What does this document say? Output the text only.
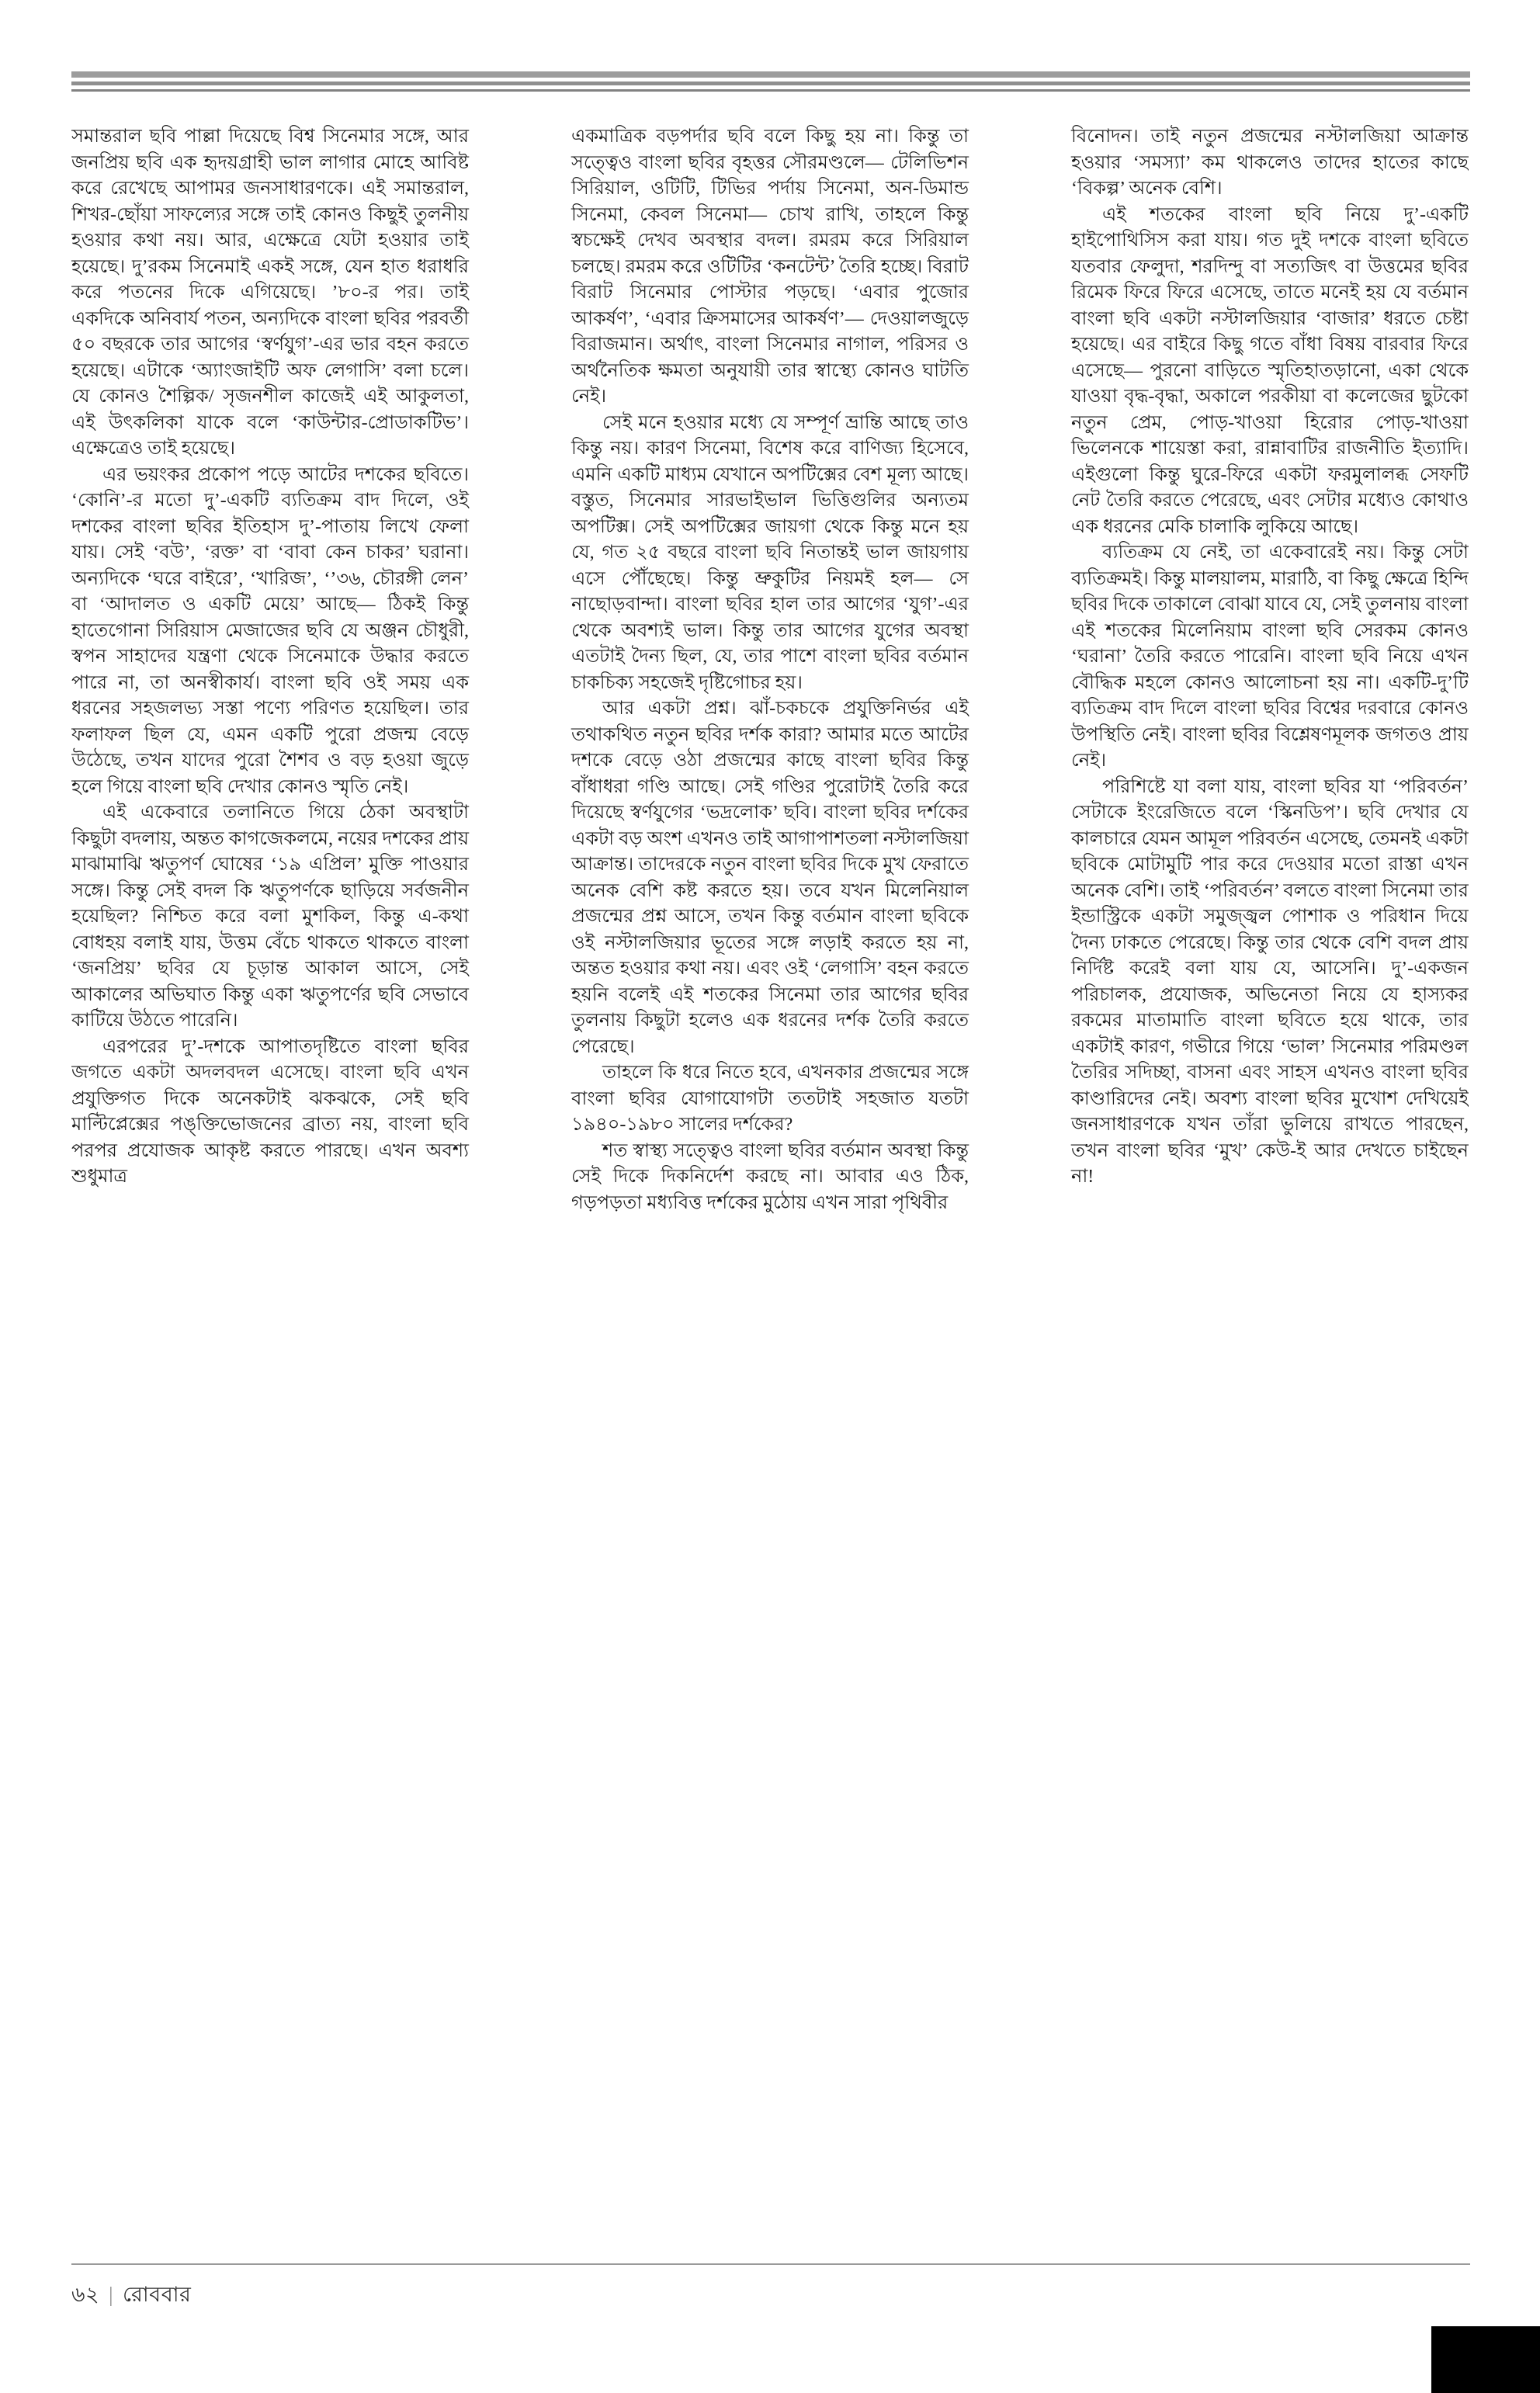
সমান্তরাল ছবি পাল্লা দিয়েছে বিশ্ব সিনেমার সঙ্গে, আর জনপ্রিয় ছবি এক হৃদয়গ্রাহী ভাল লাগার মোহে আবিষ্ট করে রেখেছে আপামর জনসাধারণকে। এই সমান্তরাল, শিখর-ছোঁয়া সাফল্যের সঙ্গে তাই কোনও কিছুই তুলনীয় হওয়ার কথা নয়। আর, এক্ষেত্রে যেটা হওয়ার তাই হয়েছে। দু’রকম সিনেমাই একই সঙ্গে, যেন হাত ধরাধরি করে পতনের দিকে এগিয়েছে। ’৮০-র পর। তাই একদিকে অনিবার্য পতন, অন্যদিকে বাংলা ছবির পরবর্তী ৫০ বছরকে তার আগের ‘স্বর্ণযুগ’-এর ভার বহন করতে হয়েছে। এটাকে ‘অ্যাংজাইটি অফ লেগাসি’ বলা চলে। যে কোনও শৈল্পিক/ সৃজনশীল কাজেই এই আকুলতা, এই উৎকলিকা যাকে বলে ‘কাউন্টার-প্রোডাকটিভ’। এক্ষেত্রেও তাই হয়েছে।

এর ভয়ংকর প্রকোপ পড়ে আটের দশকের ছবিতে। ‘কোনি’-র মতো দু’-একটি ব্যতিক্রম বাদ দিলে, ওই দশকের বাংলা ছবির ইতিহাস দু’-পাতায় লিখে ফেলা যায়। সেই ‘বউ’, ‘রক্ত’ বা ‘বাবা কেন চাকর’ ঘরানা। অন্যদিকে ‘ঘরে বাইরে’, ‘খারিজ’, ‘’৩৬, চৌরঙ্গী লেন’ বা ‘আদালত ও একটি মেয়ে’ আছে— ঠিকই কিন্তু হাতেগোনা সিরিয়াস মেজাজের ছবি যে অঞ্জন চৌধুরী, স্বপন সাহাদের যন্ত্রণা থেকে সিনেমাকে উদ্ধার করতে পারে না, তা অনস্বীকার্য। বাংলা ছবি ওই সময় এক ধরনের সহজলভ্য সস্তা পণ্যে পরিণত হয়েছিল। তার ফলাফল ছিল যে, এমন একটি পুরো প্রজন্ম বেড়ে উঠেছে, তখন যাদের পুরো শৈশব ও বড় হওয়া জুড়ে হলে গিয়ে বাংলা ছবি দেখার কোনও স্মৃতি নেই।

এই একেবারে তলানিতে গিয়ে ঠেকা অবস্থাটা কিছুটা বদলায়, অন্তত কাগজেকলমে, নয়ের দশকের প্রায় মাঝামাঝি ঋতুপর্ণ ঘোষের ‘১৯ এপ্রিল’ মুক্তি পাওয়ার সঙ্গে। কিন্তু সেই বদল কি ঋতুপর্ণকে ছাড়িয়ে সর্বজনীন হয়েছিল? নিশ্চিত করে বলা মুশকিল, কিন্তু এ-কথা বোধহয় বলাই যায়, উত্তম বেঁচে থাকতে থাকতে বাংলা ‘জনপ্রিয়’ ছবির যে চূড়ান্ত আকাল আসে, সেই আকালের অভিঘাত কিন্তু একা ঋতুপর্ণের ছবি সেভাবে কাটিয়ে উঠতে পারেনি।

এরপরের দু’-দশকে আপাতদৃষ্টিতে বাংলা ছবির জগতে একটা অদলবদল এসেছে। বাংলা ছবি এখন প্রযুক্তিগত দিকে অনেকটাই ঝকঝকে, সেই ছবি মাল্টিপ্লেক্সের পঙ্‌ক্তিভোজনের ব্রাত্য নয়, বাংলা ছবি পরপর প্রযোজক আকৃষ্ট করতে পারছে। এখন অবশ্য শুধুমাত্র

একমাত্রিক বড়পর্দার ছবি বলে কিছু হয় না। কিন্তু তা সত্ত্বেও বাংলা ছবির বৃহত্তর সৌরমণ্ডলে— টেলিভিশন সিরিয়াল, ওটিটি, টিভির পর্দায় সিনেমা, অন-ডিমান্ড সিনেমা, কেবল সিনেমা— চোখ রাখি, তাহলে কিন্তু স্বচক্ষেই দেখব অবস্থার বদল। রমরম করে সিরিয়াল চলছে। রমরম করে ওটিটির ‘কনটেন্ট’ তৈরি হচ্ছে। বিরাট বিরাট সিনেমার পোস্টার পড়ছে। ‘এবার পুজোর আকর্ষণ’, ‘এবার ক্রিসমাসের আকর্ষণ’— দেওয়ালজুড়ে বিরাজমান। অর্থাৎ, বাংলা সিনেমার নাগাল, পরিসর ও অর্থনৈতিক ক্ষমতা অনুযায়ী তার স্বাস্থ্যে কোনও ঘাটতি নেই।

সেই মনে হওয়ার মধ্যে যে সম্পূর্ণ ভ্রান্তি আছে তাও কিন্তু নয়। কারণ সিনেমা, বিশেষ করে বাণিজ্য হিসেবে, এমনি একটি মাধ্যম যেখানে অপটিক্সের বেশ মূল্য আছে। বস্তুত, সিনেমার সারভাইভাল ভিত্তিগুলির অন্যতম অপটিক্স। সেই অপটিক্সের জায়গা থেকে কিন্তু মনে হয় যে, গত ২৫ বছরে বাংলা ছবি নিতান্তই ভাল জায়গায় এসে পৌঁছেছে। কিন্তু ভ্রুকুটির নিয়মই হল— সে নাছোড়বান্দা। বাংলা ছবির হাল তার আগের ‘যুগ’-এর থেকে অবশ্যই ভাল। কিন্তু তার আগের যুগের অবস্থা এতটাই দৈন্য ছিল, যে, তার পাশে বাংলা ছবির বর্তমান চাকচিক্য সহজেই দৃষ্টিগোচর হয়।

আর একটা প্রশ্ন। ঝাঁ-চকচকে প্রযুক্তিনির্ভর এই তথাকথিত নতুন ছবির দর্শক কারা? আমার মতে আটের দশকে বেড়ে ওঠা প্রজন্মের কাছে বাংলা ছবির কিন্তু বাঁধাধরা গণ্ডি আছে। সেই গণ্ডির পুরোটাই তৈরি করে দিয়েছে স্বর্ণযুগের ‘ভদ্রলোক’ ছবি। বাংলা ছবির দর্শকের একটা বড় অংশ এখনও তাই আগাপাশতলা নস্টালজিয়া আক্রান্ত। তাদেরকে নতুন বাংলা ছবির দিকে মুখ ফেরাতে অনেক বেশি কষ্ট করতে হয়। তবে যখন মিলেনিয়াল প্রজন্মের প্রশ্ন আসে, তখন কিন্তু বর্তমান বাংলা ছবিকে ওই নস্টালজিয়ার ভূতের সঙ্গে লড়াই করতে হয় না, অন্তত হওয়ার কথা নয়। এবং ওই ‘লেগাসি’ বহন করতে হয়নি বলেই এই শতকের সিনেমা তার আগের ছবির তুলনায় কিছুটা হলেও এক ধরনের দর্শক তৈরি করতে পেরেছে।

তাহলে কি ধরে নিতে হবে, এখনকার প্রজন্মের সঙ্গে বাংলা ছবির যোগাযোগটা ততটাই সহজাত যতটা ১৯৪০-১৯৮০ সালের দর্শকের?

শত স্বাস্থ্য সত্ত্বেও বাংলা ছবির বর্তমান অবস্থা কিন্তু সেই দিকে দিকনির্দেশ করছে না। আবার এও ঠিক, গড়পড়তা মধ্যবিত্ত দর্শকের মুঠোয় এখন সারা পৃথিবীর

বিনোদন। তাই নতুন প্রজন্মের নস্টালজিয়া আক্রান্ত হওয়ার ‘সমস্যা’ কম থাকলেও তাদের হাতের কাছে ‘বিকল্প’ অনেক বেশি।

এই শতকের বাংলা ছবি নিয়ে দু’-একটি হাইপোথিসিস করা যায়। গত দুই দশকে বাংলা ছবিতে যতবার ফেলুদা, শরদিন্দু বা সত্যজিৎ বা উত্তমের ছবির রিমেক ফিরে ফিরে এসেছে, তাতে মনেই হয় যে বর্তমান বাংলা ছবি একটা নস্টালজিয়ার ‘বাজার’ ধরতে চেষ্টা হয়েছে। এর বাইরে কিছু গতে বাঁধা বিষয় বারবার ফিরে এসেছে— পুরনো বাড়িতে স্মৃতিহাতড়ানো, একা থেকে যাওয়া বৃদ্ধ-বৃদ্ধা, অকালে পরকীয়া বা কলেজের ছুটকো নতুন প্রেম, পোড়-খাওয়া হিরোর পোড়-খাওয়া ভিলেনকে শায়েস্তা করা, রান্নাবাটির রাজনীতি ইত্যাদি। এইগুলো কিন্তু ঘুরে-ফিরে একটা ফরমুলালব্ধ সেফটি নেট তৈরি করতে পেরেছে, এবং সেটার মধ্যেও কোথাও এক ধরনের মেকি চালাকি লুকিয়ে আছে।

ব্যতিক্রম যে নেই, তা একেবারেই নয়। কিন্তু সেটা ব্যতিক্রমই। কিন্তু মালয়ালম, মারাঠি, বা কিছু ক্ষেত্রে হিন্দি ছবির দিকে তাকালে বোঝা যাবে যে, সেই তুলনায় বাংলা এই শতকের মিলেনিয়াম বাংলা ছবি সেরকম কোনও ‘ঘরানা’ তৈরি করতে পারেনি। বাংলা ছবি নিয়ে এখন বৌদ্ধিক মহলে কোনও আলোচনা হয় না। একটি-দু’টি ব্যতিক্রম বাদ দিলে বাংলা ছবির বিশ্বের দরবারে কোনও উপস্থিতি নেই। বাংলা ছবির বিশ্লেষণমূলক জগতও প্রায় নেই।

পরিশিষ্টে যা বলা যায়, বাংলা ছবির যা ‘পরিবর্তন’ সেটাকে ইংরেজিতে বলে ‘স্কিনডিপ’। ছবি দেখার যে কালচারে যেমন আমূল পরিবর্তন এসেছে, তেমনই একটা ছবিকে মোটামুটি পার করে দেওয়ার মতো রাস্তা এখন অনেক বেশি। তাই ‘পরিবর্তন’ বলতে বাংলা সিনেমা তার ইন্ডাস্ট্রিকে একটা সমুজ্জ্বল পোশাক ও পরিধান দিয়ে দৈন্য ঢাকতে পেরেছে। কিন্তু তার থেকে বেশি বদল প্রায় নির্দিষ্ট করেই বলা যায় যে, আসেনি। দু’-একজন পরিচালক, প্রযোজক, অভিনেতা নিয়ে যে হাস্যকর রকমের মাতামাতি বাংলা ছবিতে হয়ে থাকে, তার একটাই কারণ, গভীরে গিয়ে ‘ভাল’ সিনেমার পরিমণ্ডল তৈরির সদিচ্ছা, বাসনা এবং সাহস এখনও বাংলা ছবির কাণ্ডারিদের নেই। অবশ্য বাংলা ছবির মুখোশ দেখিয়েই জনসাধারণকে যখন তাঁরা ভুলিয়ে রাখতে পারছেন, তখন বাংলা ছবির ‘মুখ’ কেউ-ই আর দেখতে চাইছেন না!

৬২ | রোববার
